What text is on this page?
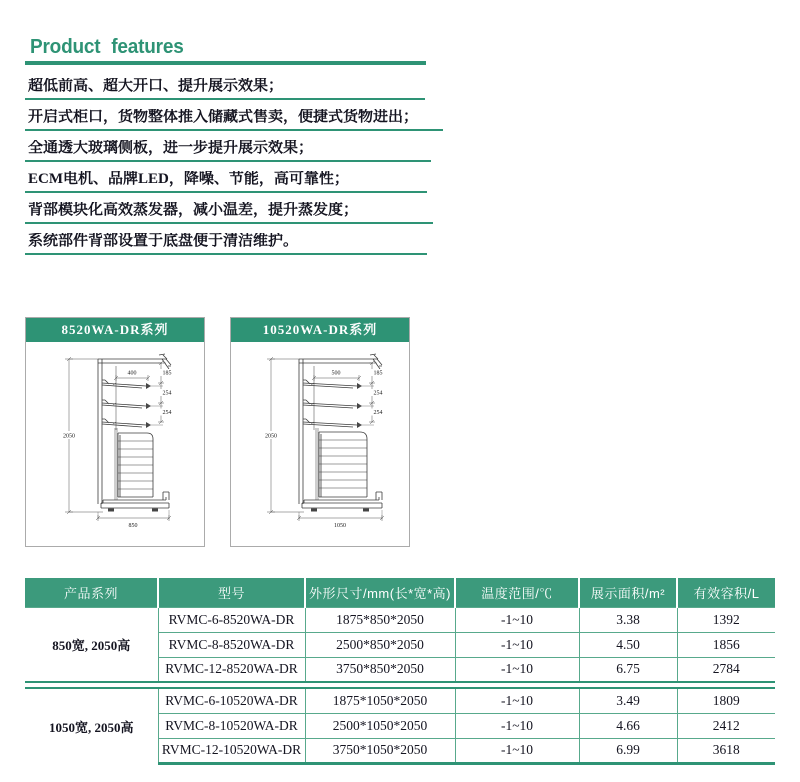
Product features
超低前高、超大开口、提升展示效果；
开启式柜口，货物整体推入储藏式售卖，便捷式货物进出；
全通透大玻璃侧板，进一步提升展示效果；
ECM电机、品牌LED，降噪、节能，高可靠性；
背部模块化高效蒸发器，减小温差，提升蒸发度；
系统部件背部设置于底盘便于清洁维护。
8520WA-DR系列
2050
400	185
254
254
850
10520WA-DR系列
2050
500	185
254
254
1050
产品系列	型号	外形尺寸/mm(长*宽*高)	温度范围/℃	展示面积/m²	有效容积/L
850宽, 2050高	RVMC-6-8520WA-DR	1875*850*2050	-1~10	3.38	1392
	RVMC-8-8520WA-DR	2500*850*2050	-1~10	4.50	1856
	RVMC-12-8520WA-DR	3750*850*2050	-1~10	6.75	2784

1050宽, 2050高	RVMC-6-10520WA-DR	1875*1050*2050	-1~10	3.49	1809
	RVMC-8-10520WA-DR	2500*1050*2050	-1~10	4.66	2412
	RVMC-12-10520WA-DR	3750*1050*2050	-1~10	6.99	3618
